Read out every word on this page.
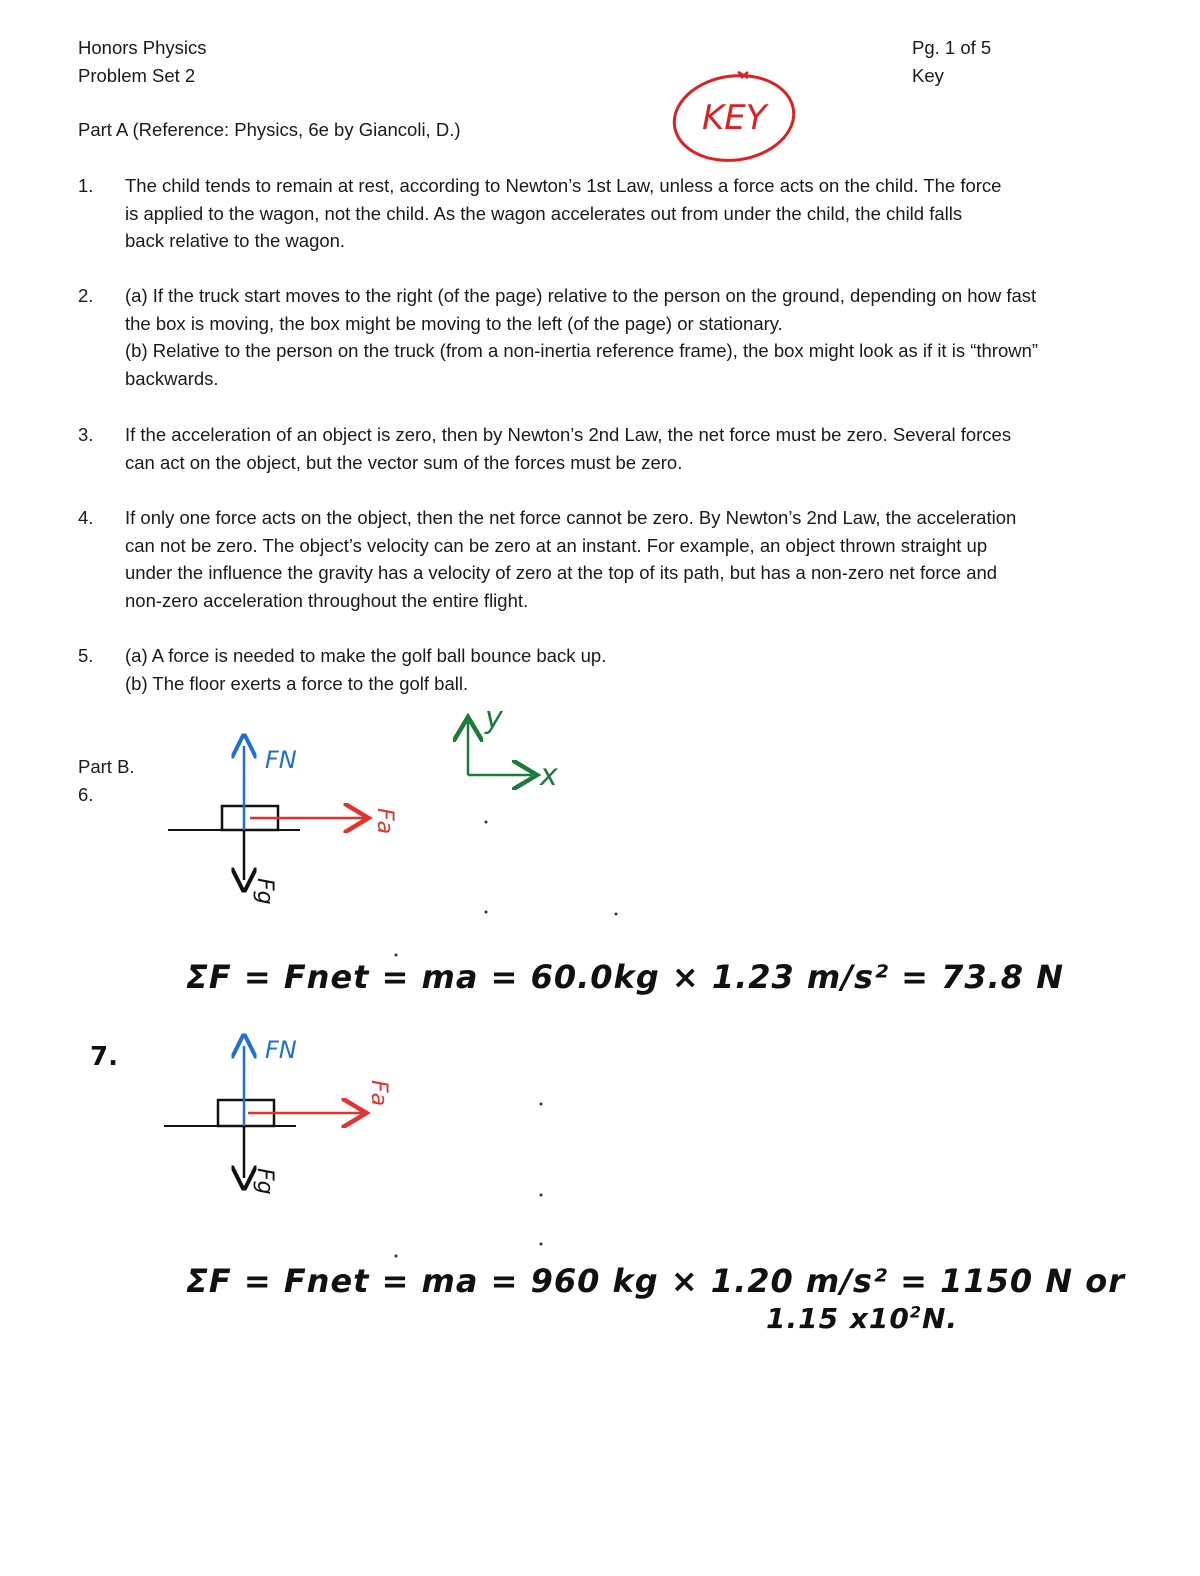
Honors Physics
Problem Set 2
Pg. 1 of 5
Key
KEY
Part A (Reference: Physics, 6e by Giancoli, D.)
1. The child tends to remain at rest, according to Newton’s 1st Law, unless a force acts on the child. The force
is applied to the wagon, not the child. As the wagon accelerates out from under the child, the child falls
back relative to the wagon.
2. (a) If the truck start moves to the right (of the page) relative to the person on the ground, depending on how fast
the box is moving, the box might be moving to the left (of the page) or stationary.
(b) Relative to the person on the truck (from a non-inertia reference frame), the box might look as if it is “thrown”
backwards.
3. If the acceleration of an object is zero, then by Newton’s 2nd Law, the net force must be zero. Several forces
can act on the object, but the vector sum of the forces must be zero.
4. If only one force acts on the object, then the net force cannot be zero. By Newton’s 2nd Law, the acceleration
can not be zero. The object’s velocity can be zero at an instant. For example, an object thrown straight up
under the influence the gravity has a velocity of zero at the top of its path, but has a non-zero net force and
non-zero acceleration throughout the entire flight.
5. (a) A force is needed to make the golf ball bounce back up.
(b) The floor exerts a force to the golf ball.
Part B.
6.
7.
y
x
FN
Fa
Fg
FN
Fa
Fg
ΣF = Fnet = ma = 60.0kg × 1.23 m/s² = 73.8 N
ΣF = Fnet = ma = 960 kg × 1.20 m/s² = 1150 N or
1.15 $x10^2N$.
